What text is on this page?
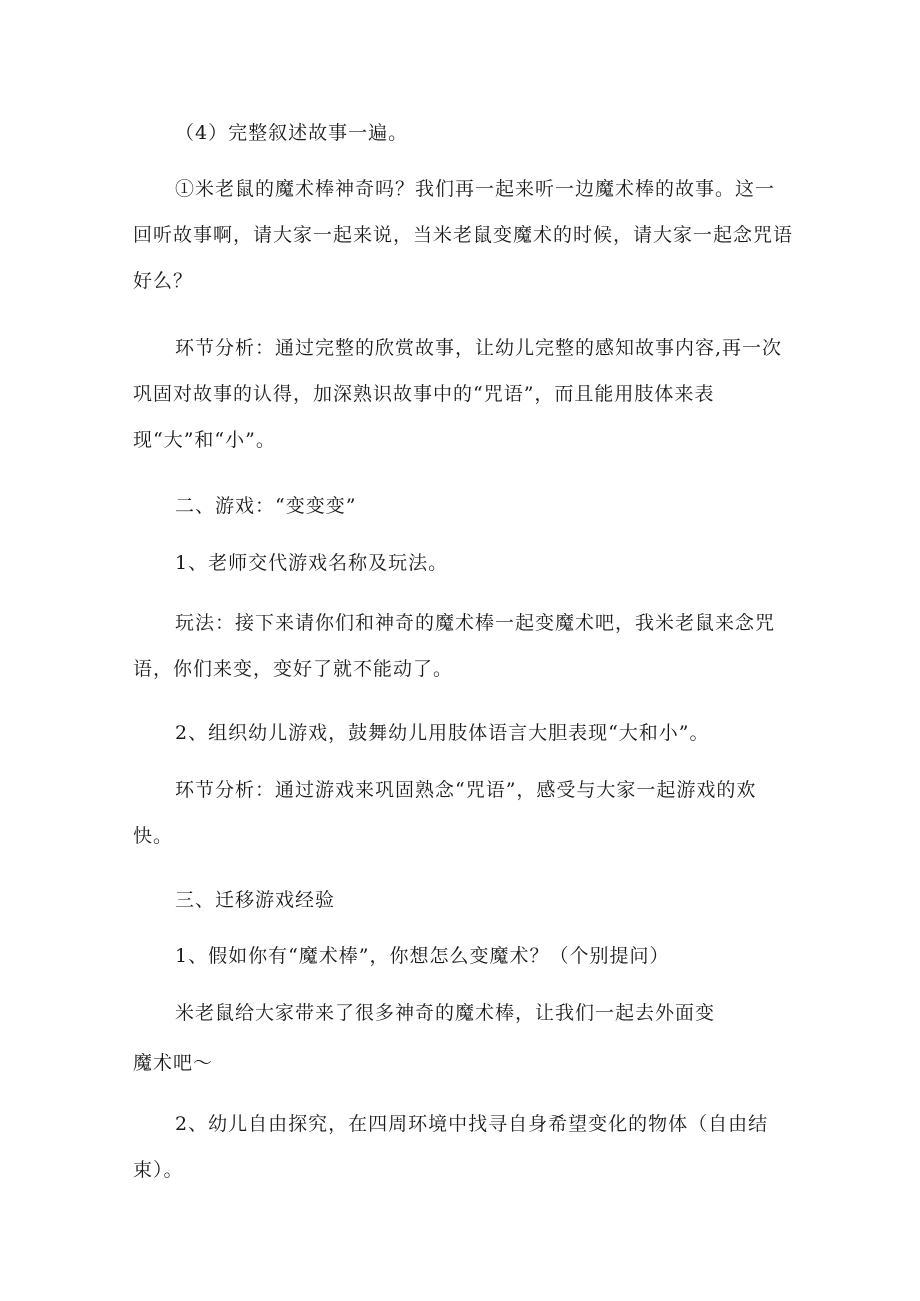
（4）完整叙述故事一遍。

①米老鼠的魔术棒神奇吗？我们再一起来听一边魔术棒的故事。这一回听故事啊，请大家一起来说，当米老鼠变魔术的时候，请大家一起念咒语好么？

环节分析：通过完整的欣赏故事，让幼儿完整的感知故事内容,再一次巩固对故事的认得，加深熟识故事中的“咒语”，而且能用肢体来表现“大”和“小”。

二、游戏：“变变变”

1、老师交代游戏名称及玩法。

玩法：接下来请你们和神奇的魔术棒一起变魔术吧，我米老鼠来念咒语，你们来变，变好了就不能动了。

2、组织幼儿游戏，鼓舞幼儿用肢体语言大胆表现“大和小”。

环节分析：通过游戏来巩固熟念“咒语”，感受与大家一起游戏的欢快。

三、迁移游戏经验

1、假如你有“魔术棒”，你想怎么变魔术？（个别提问）

米老鼠给大家带来了很多神奇的魔术棒，让我们一起去外面变

魔术吧～

2、幼儿自由探究，在四周环境中找寻自身希望变化的物体（自由结束）。
